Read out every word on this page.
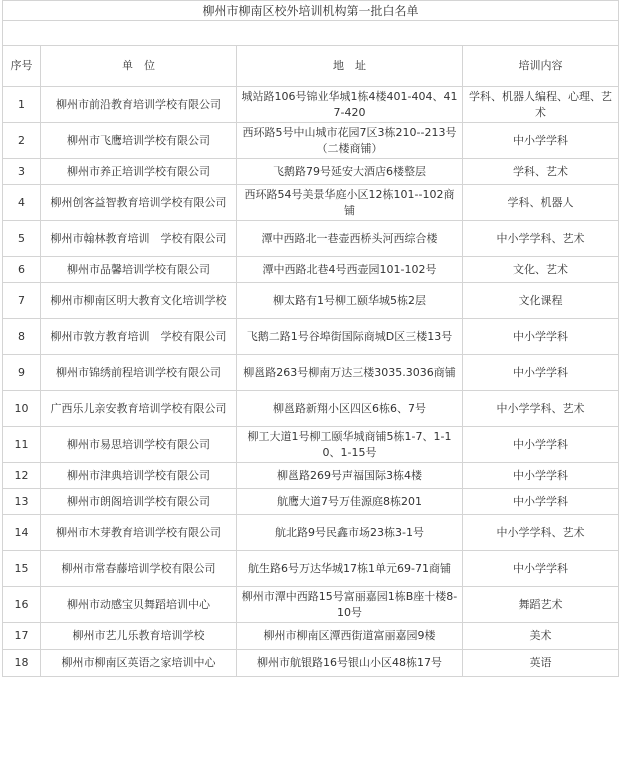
柳州市柳南区校外培训机构第一批白名单			

序号	单　位	地　址	培训内容
1	柳州市前沿教育培训学校有限公司	城站路106号锦业华城1栋4楼401-404、417-420	学科、机器人编程、心理、艺术
2	柳州市飞鹰培训学校有限公司	西环路5号中山城市花园7区3栋210--213号（二楼商铺）	中小学学科
3	柳州市养正培训学校有限公司	飞鹅路79号延安大酒店6楼整层	学科、艺术
4	柳州创客益智教育培训学校有限公司	西环路54号美景华庭小区12栋101--102商铺	学科、机器人
5	柳州市翰林教育培训　学校有限公司	潭中西路北一巷壶西桥头河西综合楼	中小学学科、艺术
6	柳州市品馨培训学校有限公司	潭中西路北巷4号西壶园101-102号	文化、艺术
7	柳州市柳南区明大教育文化培训学校	柳太路有1号柳工颐华城5栋2层	文化课程
8	柳州市敦方教育培训　学校有限公司	飞鹅二路1号谷埠街国际商城D区三楼13号	中小学学科
9	柳州市锦绣前程培训学校有限公司	柳邕路263号柳南万达三楼3035.3036商铺	中小学学科
10	广西乐儿亲安教育培训学校有限公司	柳邕路新翔小区四区6栋6、7号	中小学学科、艺术
11	柳州市易思培训学校有限公司	柳工大道1号柳工颐华城商铺5栋1-7、1-10、1-15号	中小学学科
12	柳州市津典培训学校有限公司	柳邕路269号声福国际3栋4楼	中小学学科
13	柳州市朗阁培训学校有限公司	航鹰大道7号万佳源庭8栋201	中小学学科
14	柳州市木芽教育培训学校有限公司	航北路9号民鑫市场23栋3-1号	中小学学科、艺术
15	柳州市常春藤培训学校有限公司	航生路6号万达华城17栋1单元69-71商铺	中小学学科
16	柳州市动感宝贝舞蹈培训中心	柳州市潭中西路15号富丽嘉园1栋B座十楼8-10号	舞蹈艺术
17	柳州市艺儿乐教育培训学校	柳州市柳南区潭西街道富丽嘉园9楼	美术
18	柳州市柳南区英语之家培训中心	柳州市航银路16号银山小区48栋17号	英语
